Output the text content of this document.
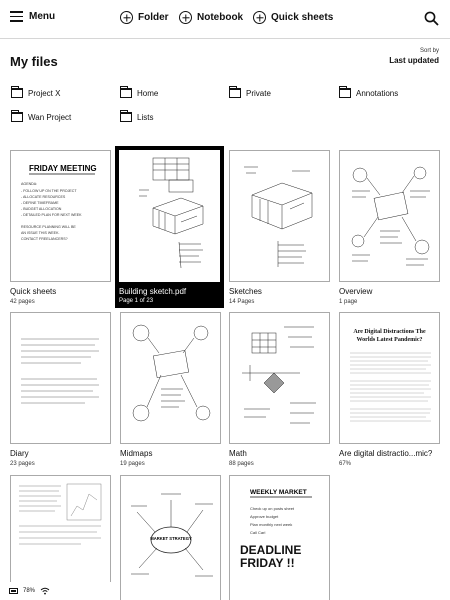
Menu	Folder	Notebook	Quick sheets
My files
Sort by
Last updated
Project X	Home	Private	Annotations
Wan Project	Lists
FRIDAY MEETING
AGENDA:
- FOLLOW UP ON THE PROJECT
- ALLOCATE RESOURCES
- DEFINE TIMEFRAME
- BUDGET ALLOCATION
- DETAILED PLAN FOR NEXT WEEK
RESOURCE PLANNING WILL BE
AN ISSUE THIS WEEK.
CONTACT FREELANCERS?
Quick sheets
42 pages
Building sketch.pdf
Page 1 of 23
Sketches
14 Pages
Overview
1 page
Diary
23 pages
Midmaps
19 pages
Math
88 pages
Are Digital Distractions The Worlds Latest Pandemic?
Are digital distractio...mic?
67%
MARKET STRATEGY
WEEKLY MARKET
Check up on posts sheet
Approve budget
Plan monthly next week
Call Carl
DEADLINE FRIDAY !!
78%
